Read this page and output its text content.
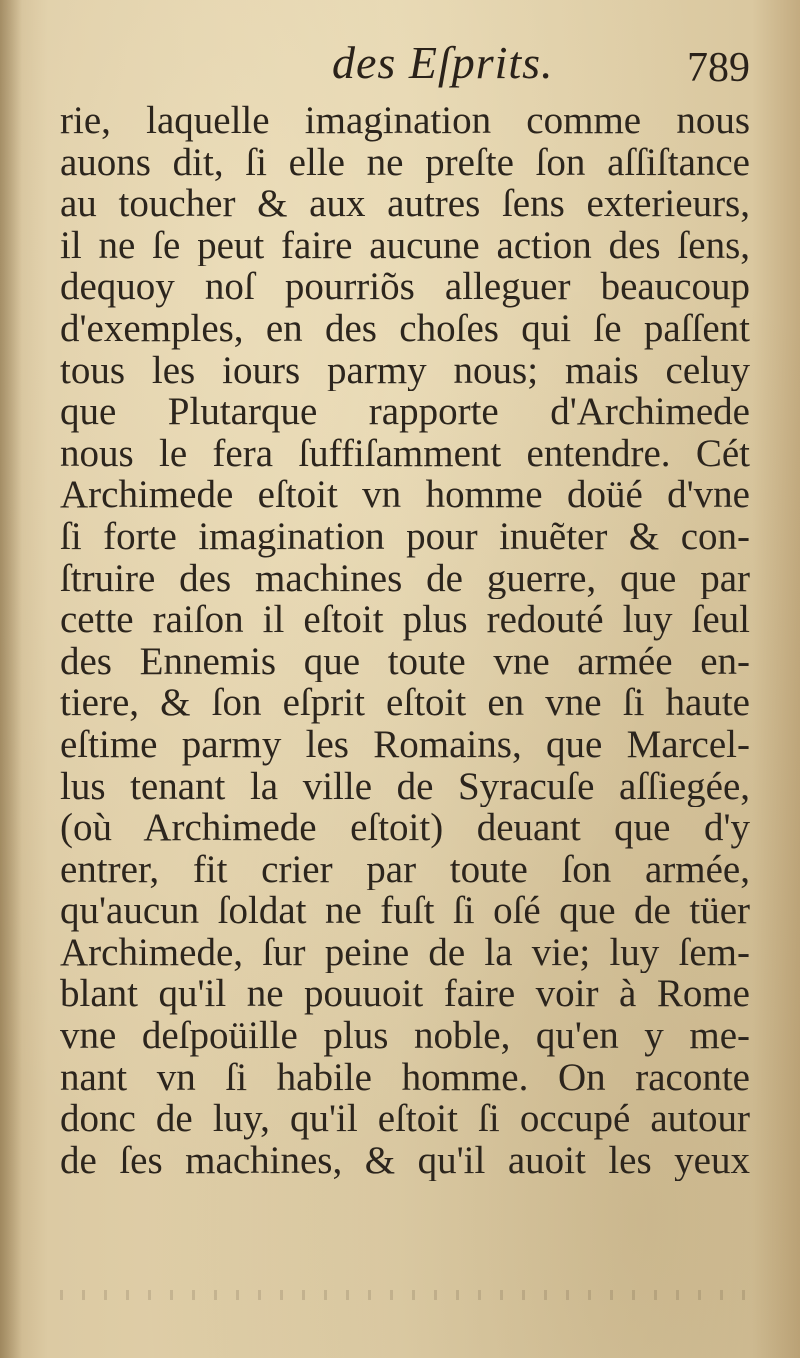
des Eſprits.	789
rie, laquelle imagination comme nous
auons dit, ſi elle ne preſte ſon aſſiſtance
au toucher & aux autres ſens exterieurs,
il ne ſe peut faire aucune action des ſens,
dequoy noſ pourriõs alleguer beaucoup
d'exemples, en des choſes qui ſe paſſent
tous les iours parmy nous; mais celuy
que Plutarque rapporte d'Archimede
nous le fera ſuffiſamment entendre. Cét
Archimede eſtoit vn homme doüé d'vne
ſi forte imagination pour inuẽter & con-
ſtruire des machines de guerre, que par
cette raiſon il eſtoit plus redouté luy ſeul
des Ennemis que toute vne armée en-
tiere, & ſon eſprit eſtoit en vne ſi haute
eſtime parmy les Romains, que Marcel-
lus tenant la ville de Syracuſe aſſiegée,
(où Archimede eſtoit) deuant que d'y
entrer, fit crier par toute ſon armée,
qu'aucun ſoldat ne fuſt ſi oſé que de tüer
Archimede, ſur peine de la vie; luy ſem-
blant qu'il ne pouuoit faire voir à Rome
vne deſpoüille plus noble, qu'en y me-
nant vn ſi habile homme. On raconte
donc de luy, qu'il eſtoit ſi occupé autour
de ſes machines, & qu'il auoit les yeux
